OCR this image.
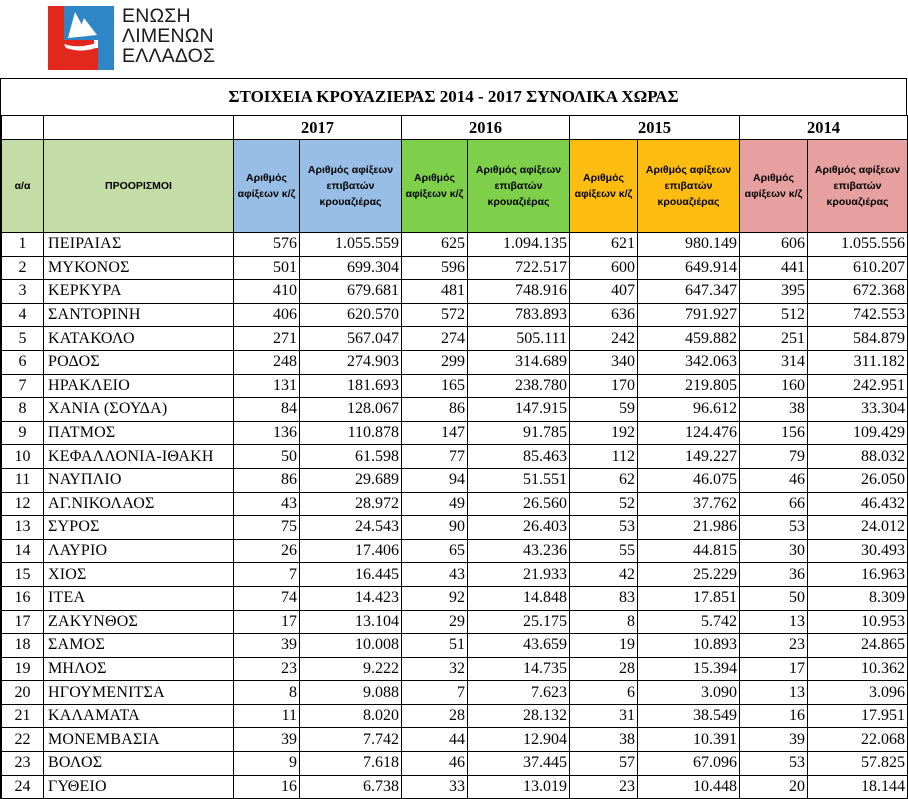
ΕΝΩΣΗ
ΛΙΜΕΝΩΝ
ΕΛΛΑΔΟΣ
ΣΤΟΙΧΕΙΑ ΚΡΟΥΑΖΙΕΡΑΣ 2014 - 2017 ΣΥΝΟΛΙΚΑ ΧΩΡΑΣ
		2017		2016		2015		2014	
α/α	ΠΡΟΟΡΙΣΜΟΙ	Αριθμός αφίξεων κ/ζ	Αριθμός αφίξεων επιβατών κρουαζιέρας	Αριθμός αφίξεων κ/ζ	Αριθμός αφίξεων επιβατών κρουαζιέρας	Αριθμός αφίξεων κ/ζ	Αριθμός αφίξεων επιβατών κρουαζιέρας	Αριθμός αφίξεων κ/ζ	Αριθμός αφίξεων επιβατών κρουαζιέρας
1	ΠΕΙΡΑΙΑΣ	576	1.055.559	625	1.094.135	621	980.149	606	1.055.556
2	ΜΥΚΟΝΟΣ	501	699.304	596	722.517	600	649.914	441	610.207
3	ΚΕΡΚΥΡΑ	410	679.681	481	748.916	407	647.347	395	672.368
4	ΣΑΝΤΟΡΙΝΗ	406	620.570	572	783.893	636	791.927	512	742.553
5	ΚΑΤΑΚΟΛΟ	271	567.047	274	505.111	242	459.882	251	584.879
6	ΡΟΔΟΣ	248	274.903	299	314.689	340	342.063	314	311.182
7	ΗΡΑΚΛΕΙΟ	131	181.693	165	238.780	170	219.805	160	242.951
8	ΧΑΝΙΑ (ΣΟΥΔΑ)	84	128.067	86	147.915	59	96.612	38	33.304
9	ΠΑΤΜΟΣ	136	110.878	147	91.785	192	124.476	156	109.429
10	ΚΕΦΑΛΛΟΝΙΑ-ΙΘΑΚΗ	50	61.598	77	85.463	112	149.227	79	88.032
11	ΝΑΥΠΛΙΟ	86	29.689	94	51.551	62	46.075	46	26.050
12	ΑΓ.ΝΙΚΟΛΑΟΣ	43	28.972	49	26.560	52	37.762	66	46.432
13	ΣΥΡΟΣ	75	24.543	90	26.403	53	21.986	53	24.012
14	ΛΑΥΡΙΟ	26	17.406	65	43.236	55	44.815	30	30.493
15	ΧΙΟΣ	7	16.445	43	21.933	42	25.229	36	16.963
16	ΙΤΕΑ	74	14.423	92	14.848	83	17.851	50	8.309
17	ΖΑΚΥΝΘΟΣ	17	13.104	29	25.175	8	5.742	13	10.953
18	ΣΑΜΟΣ	39	10.008	51	43.659	19	10.893	23	24.865
19	ΜΗΛΟΣ	23	9.222	32	14.735	28	15.394	17	10.362
20	ΗΓΟΥΜΕΝΙΤΣΑ	8	9.088	7	7.623	6	3.090	13	3.096
21	ΚΑΛΑΜΑΤΑ	11	8.020	28	28.132	31	38.549	16	17.951
22	ΜΟΝΕΜΒΑΣΙΑ	39	7.742	44	12.904	38	10.391	39	22.068
23	ΒΟΛΟΣ	9	7.618	46	37.445	57	67.096	53	57.825
24	ΓΥΘΕΙΟ	16	6.738	33	13.019	23	10.448	20	18.144
